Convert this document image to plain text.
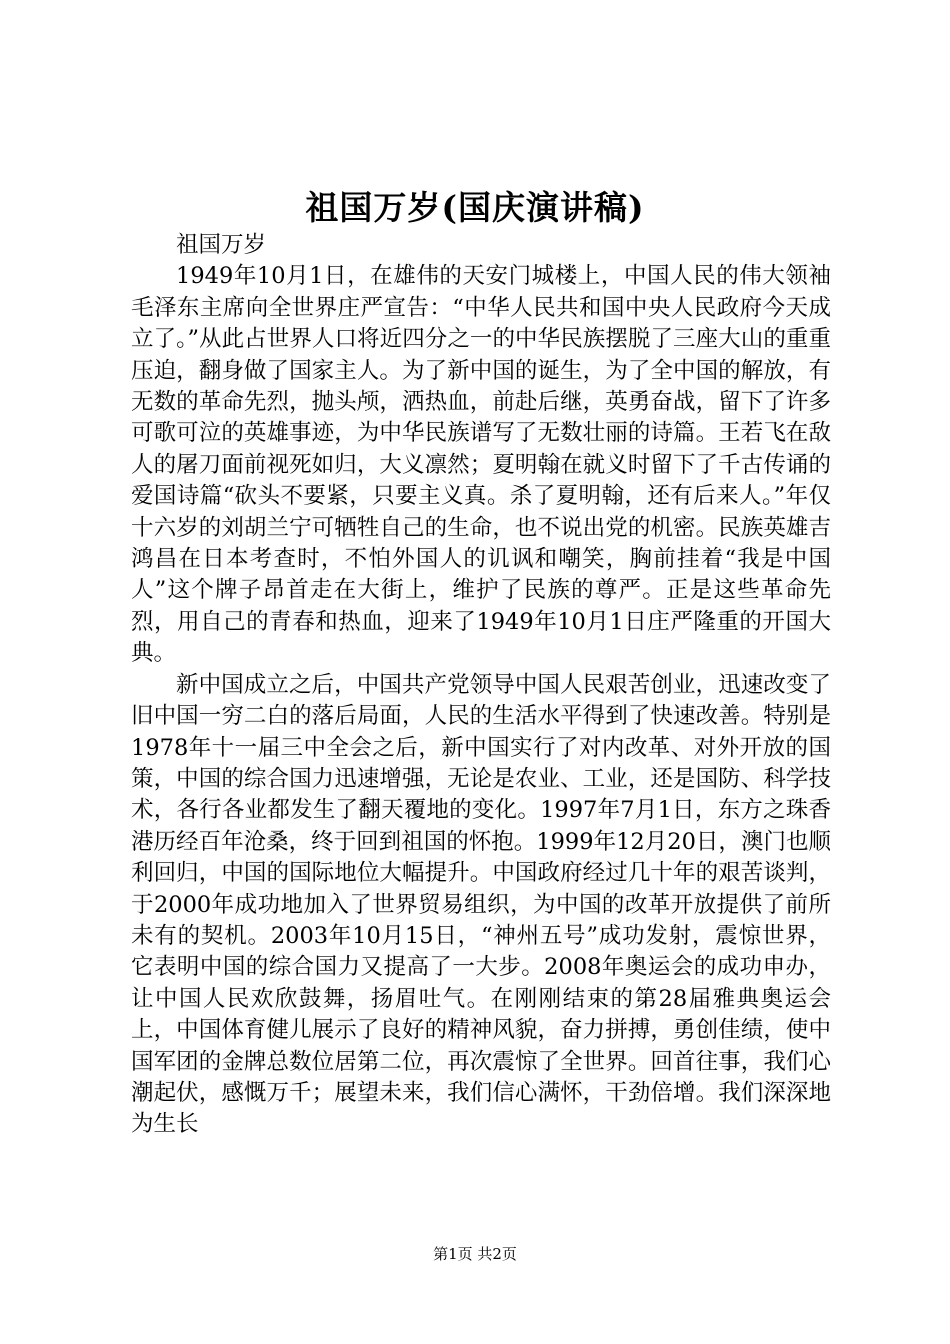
祖国万岁(国庆演讲稿)

祖国万岁

1949年10月1日，在雄伟的天安门城楼上，中国人民的伟大领袖毛泽东主席向全世界庄严宣告：“中华人民共和国中央人民政府今天成立了。”从此占世界人口将近四分之一的中华民族摆脱了三座大山的重重压迫，翻身做了国家主人。为了新中国的诞生，为了全中国的解放，有无数的革命先烈，抛头颅，洒热血，前赴后继，英勇奋战，留下了许多可歌可泣的英雄事迹，为中华民族谱写了无数壮丽的诗篇。王若飞在敌人的屠刀面前视死如归，大义凛然；夏明翰在就义时留下了千古传诵的爱国诗篇“砍头不要紧，只要主义真。杀了夏明翰，还有后来人。”年仅十六岁的刘胡兰宁可牺牲自己的生命，也不说出党的机密。民族英雄吉鸿昌在日本考查时，不怕外国人的讥讽和嘲笑，胸前挂着“我是中国人”这个牌子昂首走在大街上，维护了民族的尊严。正是这些革命先烈，用自己的青春和热血，迎来了1949年10月1日庄严隆重的开国大典。

新中国成立之后，中国共产党领导中国人民艰苦创业，迅速改变了旧中国一穷二白的落后局面，人民的生活水平得到了快速改善。特别是1978年十一届三中全会之后，新中国实行了对内改革、对外开放的国策，中国的综合国力迅速增强，无论是农业、工业，还是国防、科学技术，各行各业都发生了翻天覆地的变化。1997年7月1日，东方之珠香港历经百年沧桑，终于回到祖国的怀抱。1999年12月20日，澳门也顺利回归，中国的国际地位大幅提升。中国政府经过几十年的艰苦谈判，于2000年成功地加入了世界贸易组织，为中国的改革开放提供了前所未有的契机。2003年10月15日，“神州五号”成功发射，震惊世界，它表明中国的综合国力又提高了一大步。2008年奥运会的成功申办，让中国人民欢欣鼓舞，扬眉吐气。在刚刚结束的第28届雅典奥运会上，中国体育健儿展示了良好的精神风貌，奋力拼搏，勇创佳绩，使中国军团的金牌总数位居第二位，再次震惊了全世界。回首往事，我们心潮起伏，感慨万千；展望未来，我们信心满怀，干劲倍增。我们深深地为生长

第1页 共2页
